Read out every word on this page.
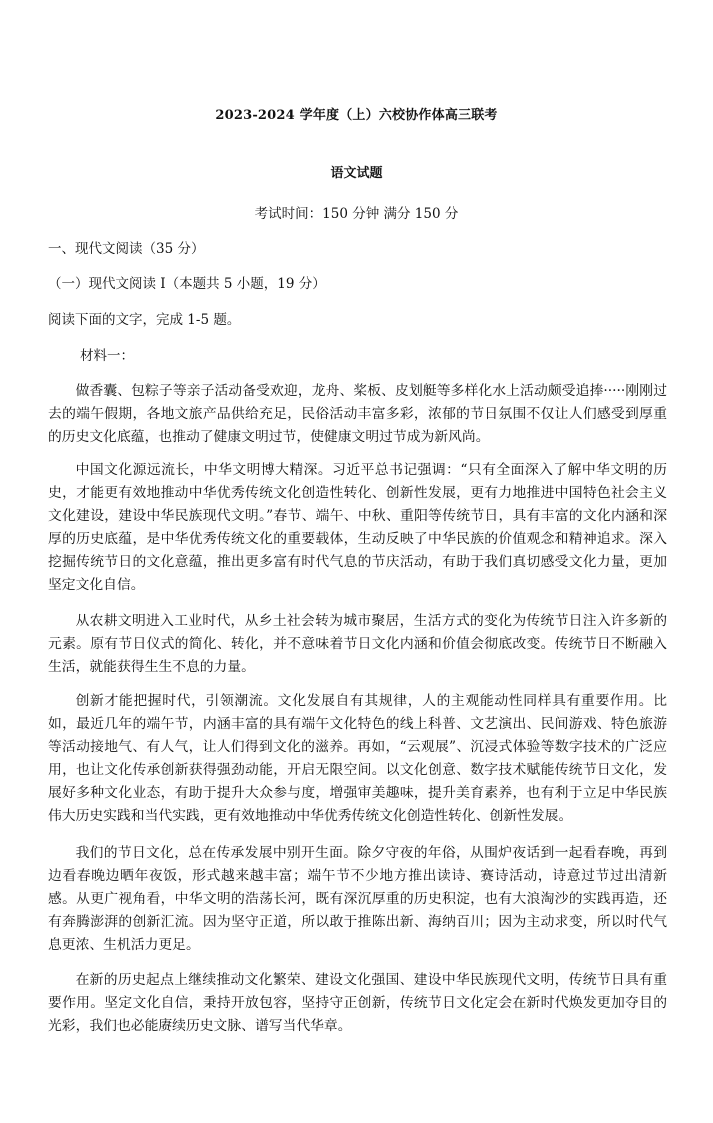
2023-2024 学年度（上）六校协作体高三联考
语文试题
考试时间：150 分钟 满分 150 分
一、现代文阅读（35 分）
（一）现代文阅读 I（本题共 5 小题，19 分）
阅读下面的文字，完成 1-5 题。
材料一：

做香囊、包粽子等亲子活动备受欢迎，龙舟、桨板、皮划艇等多样化水上活动颇受追捧·····刚刚过去的端午假期，各地文旅产品供给充足，民俗活动丰富多彩，浓郁的节日氛围不仅让人们感受到厚重的历史文化底蕴，也推动了健康文明过节，使健康文明过节成为新风尚。

中国文化源远流长，中华文明博大精深。习近平总书记强调：“只有全面深入了解中华文明的历史，才能更有效地推动中华优秀传统文化创造性转化、创新性发展，更有力地推进中国特色社会主义文化建设，建设中华民族现代文明。”春节、端午、中秋、重阳等传统节日，具有丰富的文化内涵和深厚的历史底蕴，是中华优秀传统文化的重要载体，生动反映了中华民族的价值观念和精神追求。深入挖掘传统节日的文化意蕴，推出更多富有时代气息的节庆活动，有助于我们真切感受文化力量，更加坚定文化自信。

从农耕文明进入工业时代，从乡土社会转为城市聚居，生活方式的变化为传统节日注入许多新的元素。原有节日仪式的简化、转化，并不意味着节日文化内涵和价值会彻底改变。传统节日不断融入生活，就能获得生生不息的力量。

创新才能把握时代，引领潮流。文化发展自有其规律，人的主观能动性同样具有重要作用。比如，最近几年的端午节，内涵丰富的具有端午文化特色的线上科普、文艺演出、民间游戏、特色旅游等活动接地气、有人气，让人们得到文化的滋养。再如，“云观展”、沉浸式体验等数字技术的广泛应用，也让文化传承创新获得强劲动能，开启无限空间。以文化创意、数字技术赋能传统节日文化，发展好多种文化业态，有助于提升大众参与度，增强审美趣味，提升美育素养，也有利于立足中华民族伟大历史实践和当代实践，更有效地推动中华优秀传统文化创造性转化、创新性发展。

我们的节日文化，总在传承发展中别开生面。除夕守夜的年俗，从围炉夜话到一起看春晚，再到边看春晚边晒年夜饭，形式越来越丰富；端午节不少地方推出读诗、赛诗活动，诗意过节过出清新感。从更广视角看，中华文明的浩荡长河，既有深沉厚重的历史积淀，也有大浪淘沙的实践再造，还有奔腾澎湃的创新汇流。因为坚守正道，所以敢于推陈出新、海纳百川；因为主动求变，所以时代气息更浓、生机活力更足。

在新的历史起点上继续推动文化繁荣、建设文化强国、建设中华民族现代文明，传统节日具有重要作用。坚定文化自信，秉持开放包容，坚持守正创新，传统节日文化定会在新时代焕发更加夺目的光彩，我们也必能赓续历史文脉、谱写当代华章。
